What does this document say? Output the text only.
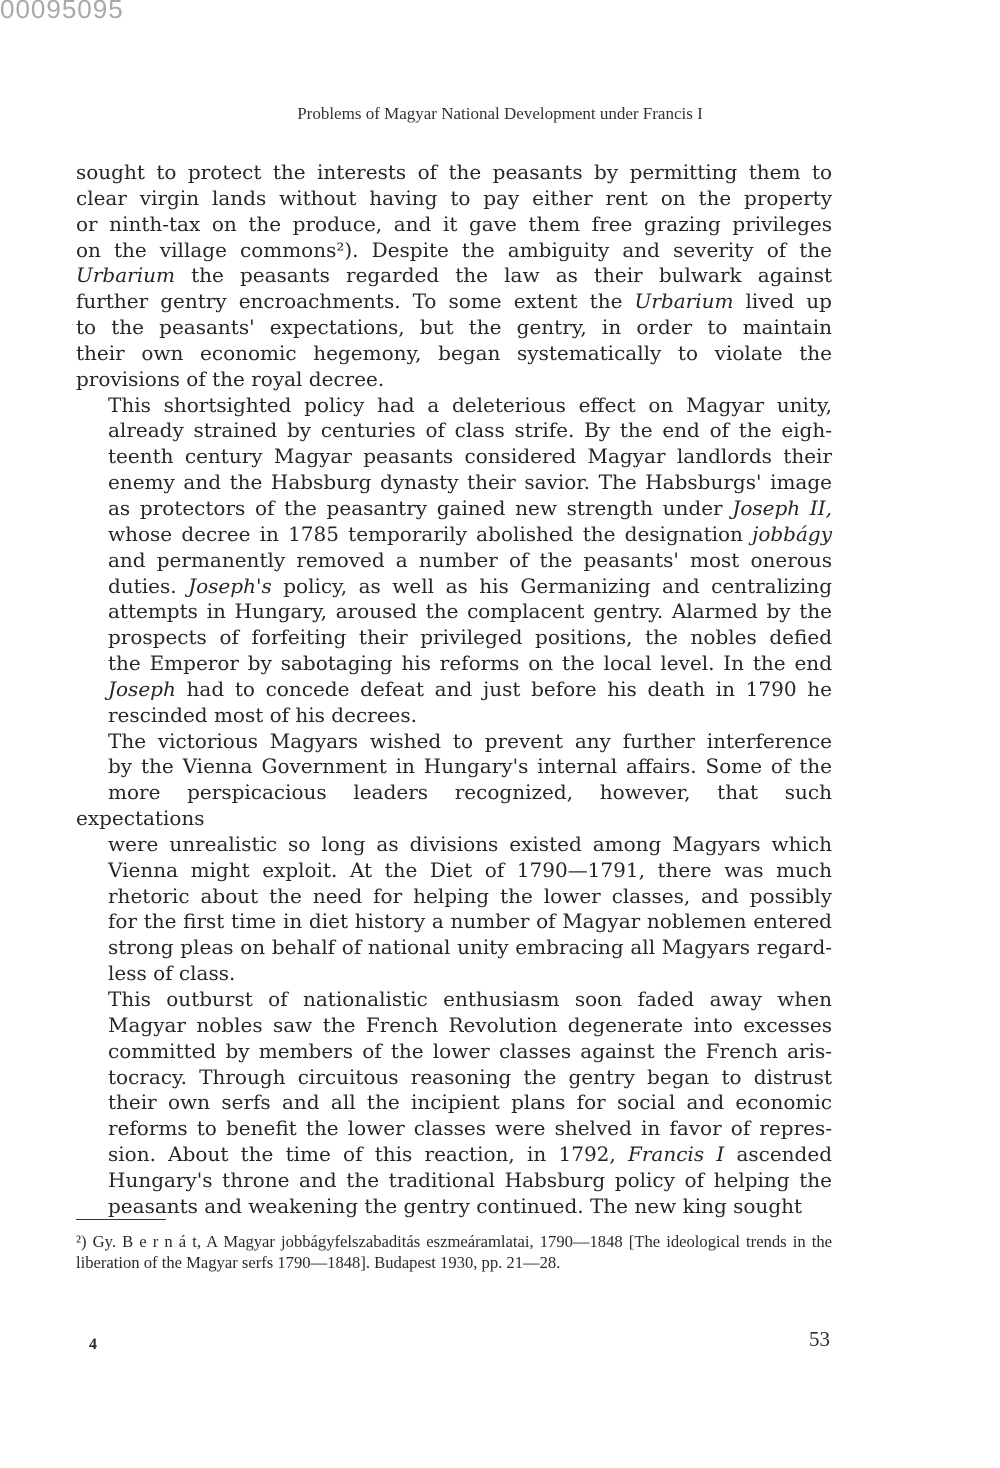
00095095
Problems of Magyar National Development under Francis I
sought to protect the interests of the peasants by permitting them to
clear virgin lands without having to pay either rent on the property
or ninth-tax on the produce, and it gave them free grazing privileges
on the village commons²). Despite the ambiguity and severity of the
Urbarium the peasants regarded the law as their bulwark against
further gentry encroachments. To some extent the Urbarium lived up
to the peasants' expectations, but the gentry, in order to maintain
their own economic hegemony, began systematically to violate the
provisions of the royal decree.
This shortsighted policy had a deleterious effect on Magyar unity,
already strained by centuries of class strife. By the end of the eigh-
teenth century Magyar peasants considered Magyar landlords their
enemy and the Habsburg dynasty their savior. The Habsburgs' image
as protectors of the peasantry gained new strength under Joseph II,
whose decree in 1785 temporarily abolished the designation jobbágy
and permanently removed a number of the peasants' most onerous
duties. Joseph's policy, as well as his Germanizing and centralizing
attempts in Hungary, aroused the complacent gentry. Alarmed by the
prospects of forfeiting their privileged positions, the nobles defied
the Emperor by sabotaging his reforms on the local level. In the end
Joseph had to concede defeat and just before his death in 1790 he
rescinded most of his decrees.
The victorious Magyars wished to prevent any further interference
by the Vienna Government in Hungary's internal affairs. Some of the
more perspicacious leaders recognized, however, that such expectations
were unrealistic so long as divisions existed among Magyars which
Vienna might exploit. At the Diet of 1790—1791, there was much
rhetoric about the need for helping the lower classes, and possibly
for the first time in diet history a number of Magyar noblemen entered
strong pleas on behalf of national unity embracing all Magyars regard-
less of class.
This outburst of nationalistic enthusiasm soon faded away when
Magyar nobles saw the French Revolution degenerate into excesses
committed by members of the lower classes against the French aris-
tocracy. Through circuitous reasoning the gentry began to distrust
their own serfs and all the incipient plans for social and economic
reforms to benefit the lower classes were shelved in favor of repres-
sion. About the time of this reaction, in 1792, Francis I ascended
Hungary's throne and the traditional Habsburg policy of helping the
peasants and weakening the gentry continued. The new king sought
²) Gy. B e r n á t, A Magyar jobbágyfelszabaditás eszmeáramlatai, 1790—1848 [The ideological trends in the liberation of the Magyar serfs 1790—1848]. Budapest 1930, pp. 21—28.
4	53
